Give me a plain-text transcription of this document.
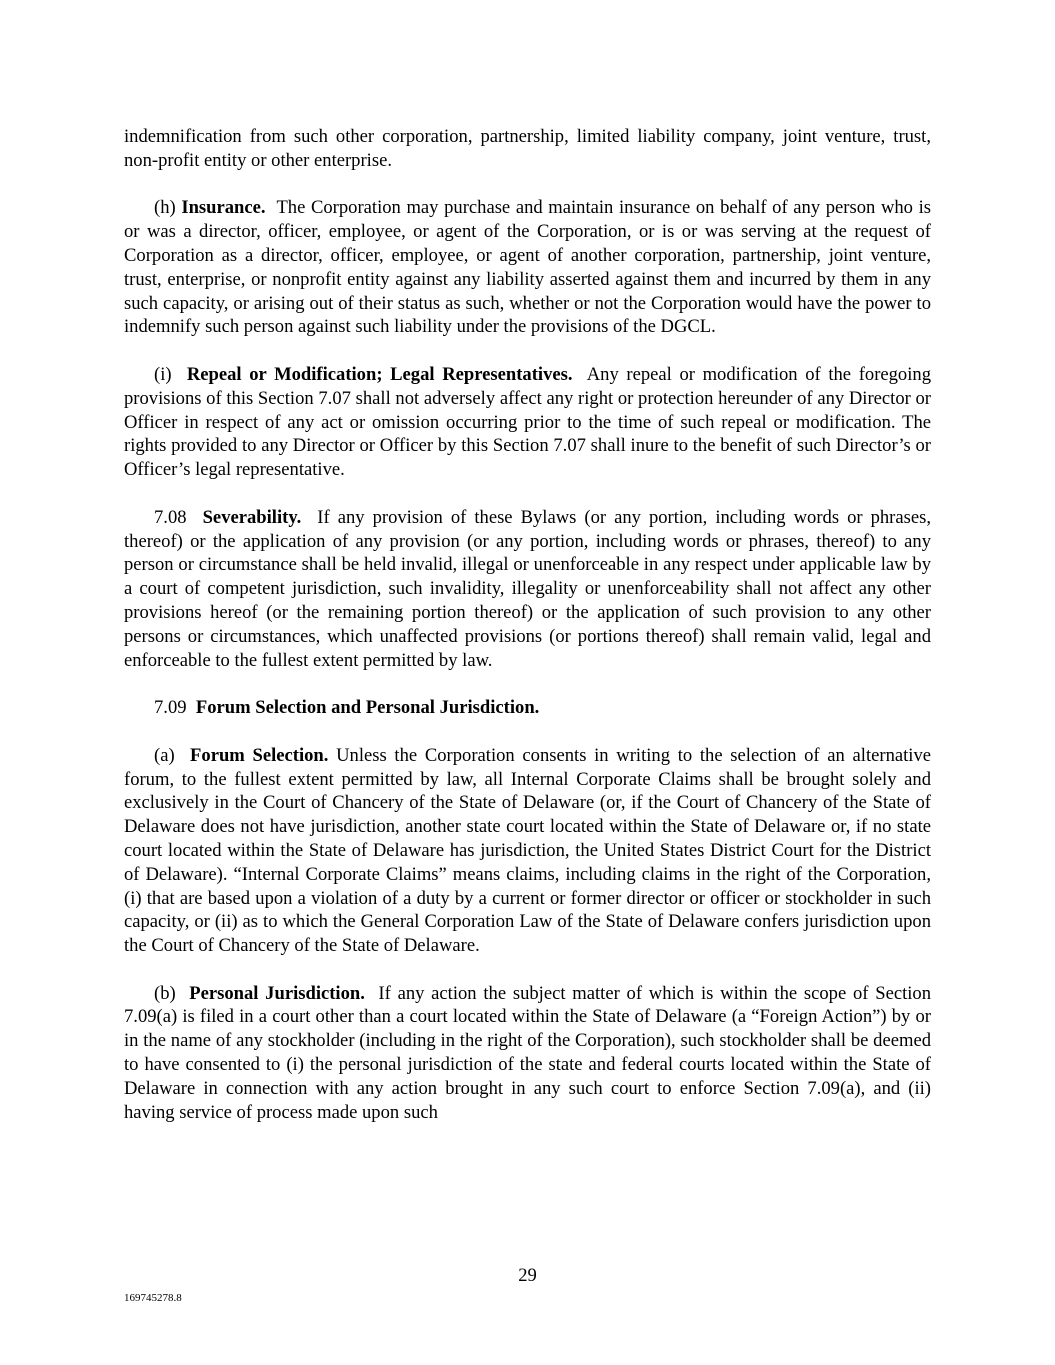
indemnification from such other corporation, partnership, limited liability company, joint venture, trust, non-profit entity or other enterprise.

(h) Insurance. The Corporation may purchase and maintain insurance on behalf of any person who is or was a director, officer, employee, or agent of the Corporation, or is or was serving at the request of Corporation as a director, officer, employee, or agent of another corporation, partnership, joint venture, trust, enterprise, or nonprofit entity against any liability asserted against them and incurred by them in any such capacity, or arising out of their status as such, whether or not the Corporation would have the power to indemnify such person against such liability under the provisions of the DGCL.

(i) Repeal or Modification; Legal Representatives. Any repeal or modification of the foregoing provisions of this Section 7.07 shall not adversely affect any right or protection hereunder of any Director or Officer in respect of any act or omission occurring prior to the time of such repeal or modification. The rights provided to any Director or Officer by this Section 7.07 shall inure to the benefit of such Director’s or Officer’s legal representative.

7.08 Severability. If any provision of these Bylaws (or any portion, including words or phrases, thereof) or the application of any provision (or any portion, including words or phrases, thereof) to any person or circumstance shall be held invalid, illegal or unenforceable in any respect under applicable law by a court of competent jurisdiction, such invalidity, illegality or unenforceability shall not affect any other provisions hereof (or the remaining portion thereof) or the application of such provision to any other persons or circumstances, which unaffected provisions (or portions thereof) shall remain valid, legal and enforceable to the fullest extent permitted by law.

7.09 Forum Selection and Personal Jurisdiction.

(a) Forum Selection. Unless the Corporation consents in writing to the selection of an alternative forum, to the fullest extent permitted by law, all Internal Corporate Claims shall be brought solely and exclusively in the Court of Chancery of the State of Delaware (or, if the Court of Chancery of the State of Delaware does not have jurisdiction, another state court located within the State of Delaware or, if no state court located within the State of Delaware has jurisdiction, the United States District Court for the District of Delaware). “Internal Corporate Claims” means claims, including claims in the right of the Corporation, (i) that are based upon a violation of a duty by a current or former director or officer or stockholder in such capacity, or (ii) as to which the General Corporation Law of the State of Delaware confers jurisdiction upon the Court of Chancery of the State of Delaware.

(b) Personal Jurisdiction. If any action the subject matter of which is within the scope of Section 7.09(a) is filed in a court other than a court located within the State of Delaware (a “Foreign Action”) by or in the name of any stockholder (including in the right of the Corporation), such stockholder shall be deemed to have consented to (i) the personal jurisdiction of the state and federal courts located within the State of Delaware in connection with any action brought in any such court to enforce Section 7.09(a), and (ii) having service of process made upon such

29
169745278.8
